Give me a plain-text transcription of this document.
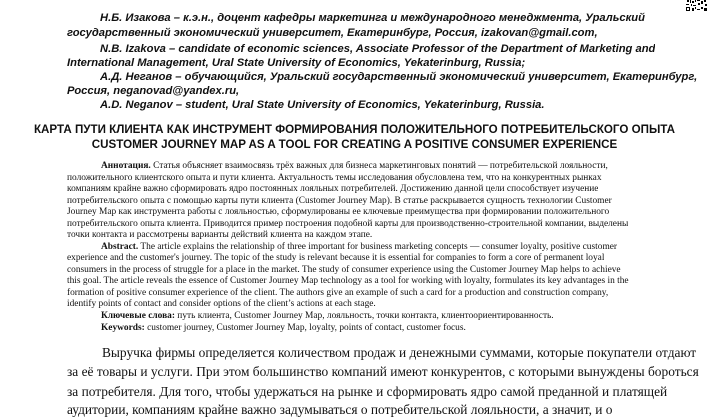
Н.Б. Изакова – к.э.н., доцент кафедры маркетинга и международного менеджмента, Уральский
государственный экономический университет, Екатеринбург, Россия, izakovan@gmail.com,
N.B. Izakova – candidate of economic sciences, Associate Professor of the Department of Marketing and
International Management, Ural State University of Economics, Yekaterinburg, Russia;
А.Д. Неганов – обучающийся, Уральский государственный экономический университет, Екатеринбург,
Россия, neganovad@yandex.ru,
A.D. Neganov – student, Ural State University of Economics, Yekaterinburg, Russia.
КАРТА ПУТИ КЛИЕНТА КАК ИНСТРУМЕНТ ФОРМИРОВАНИЯ ПОЛОЖИТЕЛЬНОГО ПОТРЕБИТЕЛЬСКОГО ОПЫТА
CUSTOMER JOURNEY MAP AS A TOOL FOR CREATING A POSITIVE CONSUMER EXPERIENCE
Аннотация. Статья объясняет взаимосвязь трёх важных для бизнеса маркетинговых понятий — потребительской лояльности,
положительного клиентского опыта и пути клиента. Актуальность темы исследования обусловлена тем, что на конкурентных рынках
компаниям крайне важно сформировать ядро постоянных лояльных потребителей. Достижению данной цели способствует изучение
потребительского опыта с помощью карты пути клиента (Customer Journey Map). В статье раскрывается сущность технологии Customer
Journey Map как инструмента работы с лояльностью, сформулированы ее ключевые преимущества при формировании положительного
потребительского опыта клиента. Приводится пример построения подобной карты для производственно-строительной компании, выделены
точки контакта и рассмотрены варианты действий клиента на каждом этапе.
Abstract. The article explains the relationship of three important for business marketing concepts — consumer loyalty, positive customer
experience and the customer's journey. The topic of the study is relevant because it is essential for companies to form a core of permanent loyal
consumers in the process of struggle for a place in the market. The study of consumer experience using the Customer Journey Map helps to achieve
this goal. The article reveals the essence of Customer Journey Map technology as a tool for working with loyalty, formulates its key advantages in the
formation of positive consumer experience of the client. The authors give an example of such a card for a production and construction company,
identify points of contact and consider options of the client’s actions at each stage.
Ключевые слова: путь клиента, Customer Journey Map, лояльность, точки контакта, клиентоориентированность.
Keywords: customer journey, Customer Journey Map, loyalty, points of contact, customer focus.
Выручка фирмы определяется количеством продаж и денежными суммами, которые покупатели отдают
за её товары и услуги. При этом большинство компаний имеют конкурентов, с которыми вынуждены бороться
за потребителя. Для того, чтобы удержаться на рынке и сформировать ядро самой преданной и платящей
аудитории, компаниям крайне важно задумываться о потребительской лояльности, а значит, и о
